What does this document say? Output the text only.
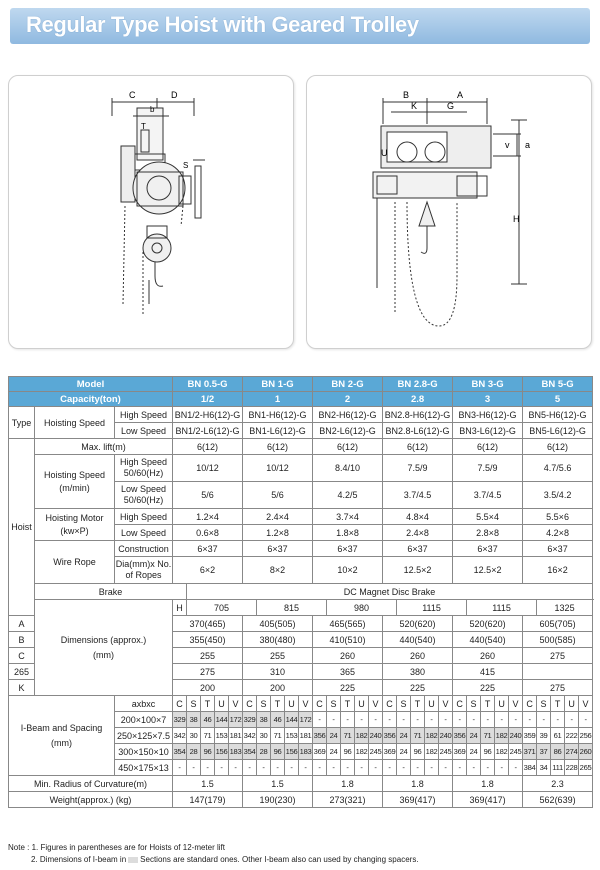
Regular Type Hoist with Geared Trolley
C	D
b
T
S
B	A
K	G
U
v a
H
Model			BN 0.5-G					BN 1-G					BN 2-G					BN 2.8-G					BN 3-G					BN 5-G				
Capacity(ton)			1/2					1					2					2.8					3					5				
Type	Hoisting Speed	High Speed	BN1/2-H6(12)-G					BN1-H6(12)-G					BN2-H6(12)-G					BN2.8-H6(12)-G					BN3-H6(12)-G					BN5-H6(12)-G				
		Low Speed	BN1/2-L6(12)-G					BN1-L6(12)-G					BN2-L6(12)-G					BN2.8-L6(12)-G					BN3-L6(12)-G					BN5-L6(12)-G				
Hoist	Max. lift(m)		6(12)					6(12)					6(12)					6(12)					6(12)					6(12)				
	Hoisting Speed (m/min)	High Speed 50/60(Hz)	10/12					10/12					8.4/10					7.5/9					7.5/9					4.7/5.6				
		Low Speed 50/60(Hz)	5/6					5/6					4.2/5					3.7/4.5					3.7/4.5					3.5/4.2				
	Hoisting Motor (kw×P)	High Speed	1.2×4					2.4×4					3.7×4					4.8×4					5.5×4					5.5×6				
		Low Speed	0.6×8					1.2×8					1.8×8					2.4×8					2.8×8					4.2×8				
	Wire Rope	Construction	6×37					6×37					6×37					6×37					6×37					6×37				
		Dia(mm)x No. of Ropes	6×2					8×2					10×2					12.5×2					12.5×2					16×2				
	Brake			DC Magnet Disc Brake																												
	Dimensions (approx.) (mm)		H	705					815					980					1115					1115					1325			
A			370(465)					405(505)					465(565)					520(620)					520(620)					605(705)				
B			355(450)					380(480)					410(510)					440(540)					440(540)					500(585)				
C			255					255					260					260					260					275				
265			275					310					365					380					415									
K			200					200					225					225					225					275				
I-Beam and Spacing (mm)		axbxc	C	S	T	U	V	C	S	T	U	V	C	S	T	U	V	C	S	T	U	V	C	S	T	U	V	C	S	T	U	V
		200×100×7	329	38	46	144	172	329	38	46	144	172	-	-	-	-	-	-	-	-	-	-	-	-	-	-	-	-	-	-	-	-
		250×125×7.5	342	30	71	153	181	342	30	71	153	181	356	24	71	182	240	356	24	71	182	240	356	24	71	182	240	359	39	61	222	256
		300×150×10	354	28	96	156	183	354	28	96	156	183	369	24	96	182	245	369	24	96	182	245	369	24	96	182	245	371	37	86	274	260
		450×175×13	-	-	-	-	-	-	-	-	-	-	-	-	-	-	-	-	-	-	-	-	-	-	-	-	-	384	34	111	228	265
Min. Radius of Curvature(m)			1.5					1.5					1.8					1.8					1.8					2.3				
Weight(approx.) (kg)			147(179)					190(230)					273(321)					369(417)					369(417)					562(639)				
Note : 1. Figures in parentheses are for Hoists of 12-meter lift
2. Dimensions of I-beam in Sections are standard ones. Other I-beam also can used by changing spacers.
